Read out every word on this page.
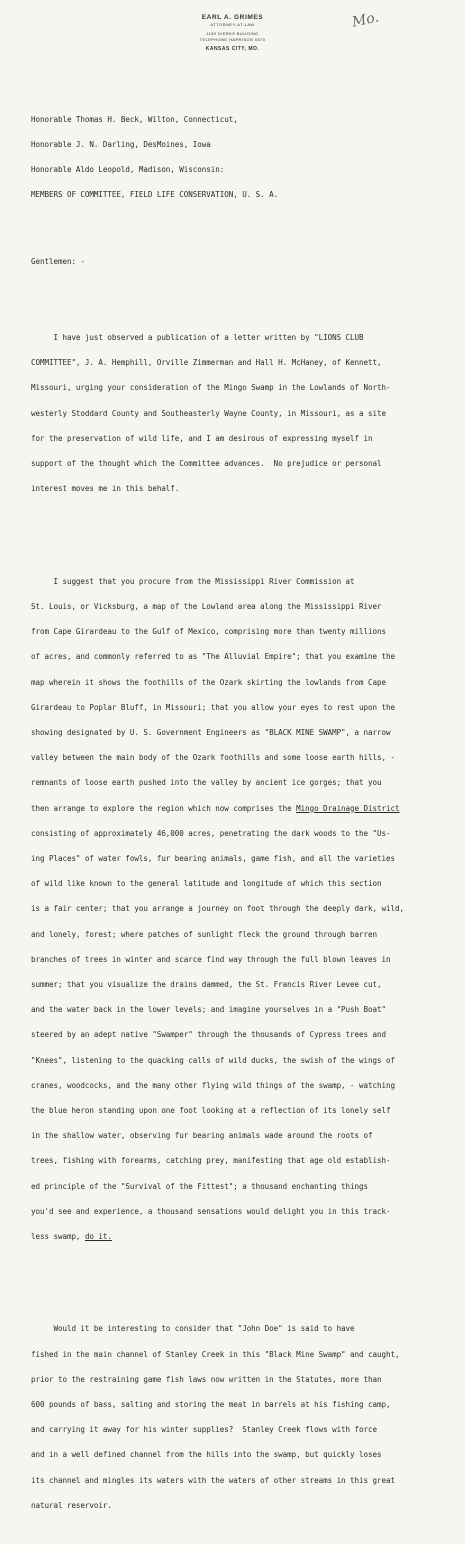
EARL A. GRIMES
ATTORNEY-AT-LAW
1150 DIERKS BUILDING
TELEPHONE HARRISON 0870
KANSAS CITY, MO.
Mo.

Honorable Thomas H. Beck, Wilton, Connecticut,

Honorable J. N. Darling, DesMoines, Iowa

Honorable Aldo Leopold, Madison, Wisconsin:

MEMBERS OF COMMITTEE, FIELD LIFE CONSERVATION, U. S. A.

Gentlemen: -

I have just observed a publication of a letter written by "LIONS CLUB

COMMITTEE", J. A. Hemphill, Orville Zimmerman and Hall H. McHaney, of Kennett,

Missouri, urging your consideration of the Mingo Swamp in the Lowlands of North-

westerly Stoddard County and Southeasterly Wayne County, in Missouri, as a site

for the preservation of wild life, and I am desirous of expressing myself in

support of the thought which the Committee advances.  No prejudice or personal

interest moves me in this behalf.

I suggest that you procure from the Mississippi River Commission at

St. Louis, or Vicksburg, a map of the Lowland area along the Mississippi River

from Cape Girardeau to the Gulf of Mexico, comprising more than twenty millions

of acres, and commonly referred to as "The Alluvial Empire"; that you examine the

map wherein it shows the foothills of the Ozark skirting the lowlands from Cape

Girardeau to Poplar Bluff, in Missouri; that you allow your eyes to rest upon the

showing designated by U. S. Government Engineers as "BLACK MINE SWAMP", a narrow

valley between the main body of the Ozark foothills and some loose earth hills, -

remnants of loose earth pushed into the valley by ancient ice gorges; that you

then arrange to explore the region which now comprises the Mingo Drainage District

consisting of approximately 46,000 acres, penetrating the dark woods to the "Us-

ing Places" of water fowls, fur bearing animals, game fish, and all the varieties

of wild like known to the general latitude and longitude of which this section

is a fair center; that you arrange a journey on foot through the deeply dark, wild,

and lonely, forest; where patches of sunlight fleck the ground through barren

branches of trees in winter and scarce find way through the full blown leaves in

summer; that you visualize the drains dammed, the St. Francis River Levee cut,

and the water back in the lower levels; and imagine yourselves in a "Push Boat"

steered by an adept native "Swamper" through the thousands of Cypress trees and

"Knees", listening to the quacking calls of wild ducks, the swish of the wings of

cranes, woodcocks, and the many other flying wild things of the swamp, - watching

the blue heron standing upon one foot looking at a reflection of its lonely self

in the shallow water, observing fur bearing animals wade around the roots of

trees, fishing with forearms, catching prey, manifesting that age old establish-

ed principle of the "Survival of the Fittest"; a thousand enchanting things

you'd see and experience, a thousand sensations would delight you in this track-

less swamp, do it.

Would it be interesting to consider that "John Doe" is said to have

fished in the main channel of Stanley Creek in this "Black Mine Swamp" and caught,

prior to the restraining game fish laws now written in the Statutes, more than

600 pounds of bass, salting and storing the meat in barrels at his fishing camp,

and carrying it away for his winter supplies?  Stanley Creek flows with force

and in a well defined channel from the hills into the swamp, but quickly loses

its channel and mingles its waters with the waters of other streams in this great

natural reservoir.
